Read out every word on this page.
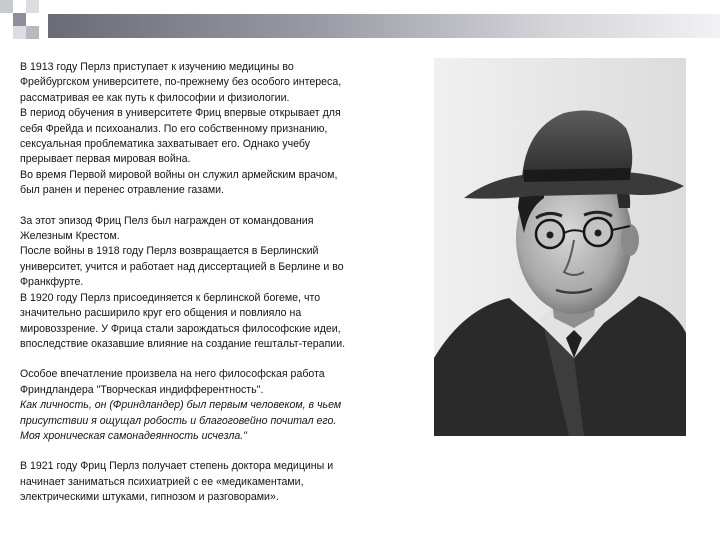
В 1913 году Перлз приступает к изучению медицины во
Фрейбургском университете, по-прежнему без особого интереса,
рассматривая ее как путь к философии и физиологии.
В период обучения в университете Фриц впервые открывает для
себя Фрейда и психоанализ. По его собственному признанию,
сексуальная проблематика захватывает его. Однако учебу
прерывает первая мировая война.
Во время Первой мировой войны он служил армейским врачом,
был ранен и перенес отравление газами.

За этот эпизод Фриц Пелз был награжден от командования
Железным Крестом.
После войны в 1918 году Перлз возвращается в Берлинский
университет, учится и работает над диссертацией в Берлине и во
Франкфурте.
В 1920 году Перлз присоединяется к берлинской богеме, что
значительно расширило круг его общения и повлияло на
мировоззрение. У Фрица стали зарождаться философские идеи,
впоследствие оказавшие влияние на создание гештальт-терапии.

Особое впечатление произвела на него философская работа
Фриндландера "Творческая индифферентность".

Как личность, он (Фриндландер) был первым человеком, в чьем
присутствии я ощущал робость и благоговейно почитал его.
Моя хроническая самонадеянность исчезла."

В 1921 году Фриц Перлз получает степень доктора медицины и
начинает заниматься психиатрией с ее «медикаментами,
электрическими штуками, гипнозом и разговорами».
